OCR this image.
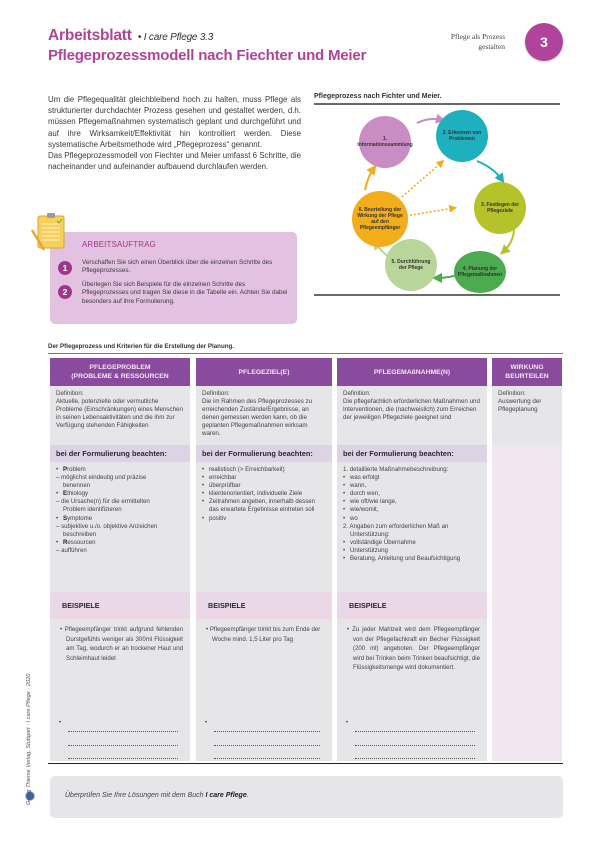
Arbeitsblatt • I care Pflege 3.3
Pflegeprozessmodell nach Fiechter und Meier
Pflege als Prozess
gestalten	3

Um die Pflegequalität gleichbleibend hoch zu halten, muss Pflege als strukturierter durchdachter Prozess gesehen und gestaltet werden, d.h. müssen Pflegemaßnahmen systematisch geplant und durchgeführt und auf ihre Wirksamkeit/Effektivität hin kontrolliert werden. Diese systematische Arbeitsmethode wird „Pflegeprozess“ genannt.

Das Pflegeprozessmodell von Fiechter und Meier umfasst 6 Schritte, die nacheinander und aufeinander aufbauend durchlaufen werden.

Pflegeprozess nach Fichter und Meier.
1. Informationssammlung
2. Erkennen von Problemen
3. Festlegen der Pflegeziele
4. Planung der Pflegemaßnahmen
5. Durchführung der Pflege
6. Beurteilung der Wirkung der Pflege auf den Pflegeempfänger
ARBEITSAUFTRAG
1
Verschaffen Sie sich einen Überblick über die einzelnen Schritte des Pflegeprozesses.
2
Überlegen Sie sich Beispiele für die einzelnen Schritte des Pflegeprozesses und tragen Sie diese in die Tabelle ein. Achten Sie dabei besonders auf ihre Formulierung.
Der Pflegeprozess und Kriterien für die Erstellung der Planung.
PFLEGEPROBLEM
(PROBLEME & RESSOURCEN
Definition:
Aktuelle, potenzielle oder vermutliche Probleme (Einschränkungen) eines Menschen in seinen Lebensaktivitäten und die ihm zur Verfügung stehenden Fähigkeiten
bei der Formulierung beachten:
• Problem
– möglichst eindeutig und präzise
benennen
• Ethiology
– die Ursache(n) für die ermittelten
Problem identifizieren
• Symptome
– subjektive u./o. objektive Anzeichen
beschreiben
• Ressourcen
– aufführen
BEISPIELE

• Pflegeempfänger trinkt aufgrund fehlenden Durstgefühls weniger als 300ml Flüssigkeit am Tag, wodurch er an trockener Haut und Schleimhaut leidet

•
PFLEGEZIEL(E)
Definition:
Die im Rahmen des Pflegeprozesses zu erreichenden Zustände/Ergebnisse, an denen gemessen werden kann, ob die geplanten Pflegemaßnahmen wirksam waren.
bei der Formulierung beachten:
• realistisch (> Erreichbarkeit)
• erreichbar
• überprüfbar
• klientenorientiert, individuelle Ziele
• Zeitrahmen angeben, innerhalb dessen das erwartete Ergebnisse eintreten soll
• positiv
BEISPIELE

• Pflegeempfänger trinkt bis zum Ende der Woche mind. 1,5 Liter pro Tag

•
PFLEGEMAßNAHME(N)
Definition:
Die pflegefachlich erforderlichen Maßnahmen und Interventionen, die (nachweislich) zum Erreichen der jeweiligen Pflegeziele geeignet sind
bei der Formulierung beachten:
1. detaillierte Maßnahmebeschreibung:
• was erfolgt
• wann,
• durch wen,
• wie oft/wie lange,
• wie/womit,
• wo
2. Angaben zum erforderlichen Maß an
Unterstützung:
• vollständige Übernahme
• Unterstützung
• Beratung, Anleitung und Beaufsichtigung
BEISPIELE

• Zu jeder Mahlzeit wird dem Pflegeempfänger von der Pflegefachkraft ein Becher Flüssigkeit (200 ml) angeboten. Der Pflegeempfänger wird bei Trinken beim Trinken beaufsichtigt, die Flüssigkeitsmenge wird dokumentiert.

•
WIRKUNG
BEURTEILEN
Definition:
Auswertung der Pflegeplanung
Überprüfen Sie Ihre Lösungen mit dem Buch I care Pflege.
Georg Thieme Verlag, Stuttgart · I care Pflege · 2020
